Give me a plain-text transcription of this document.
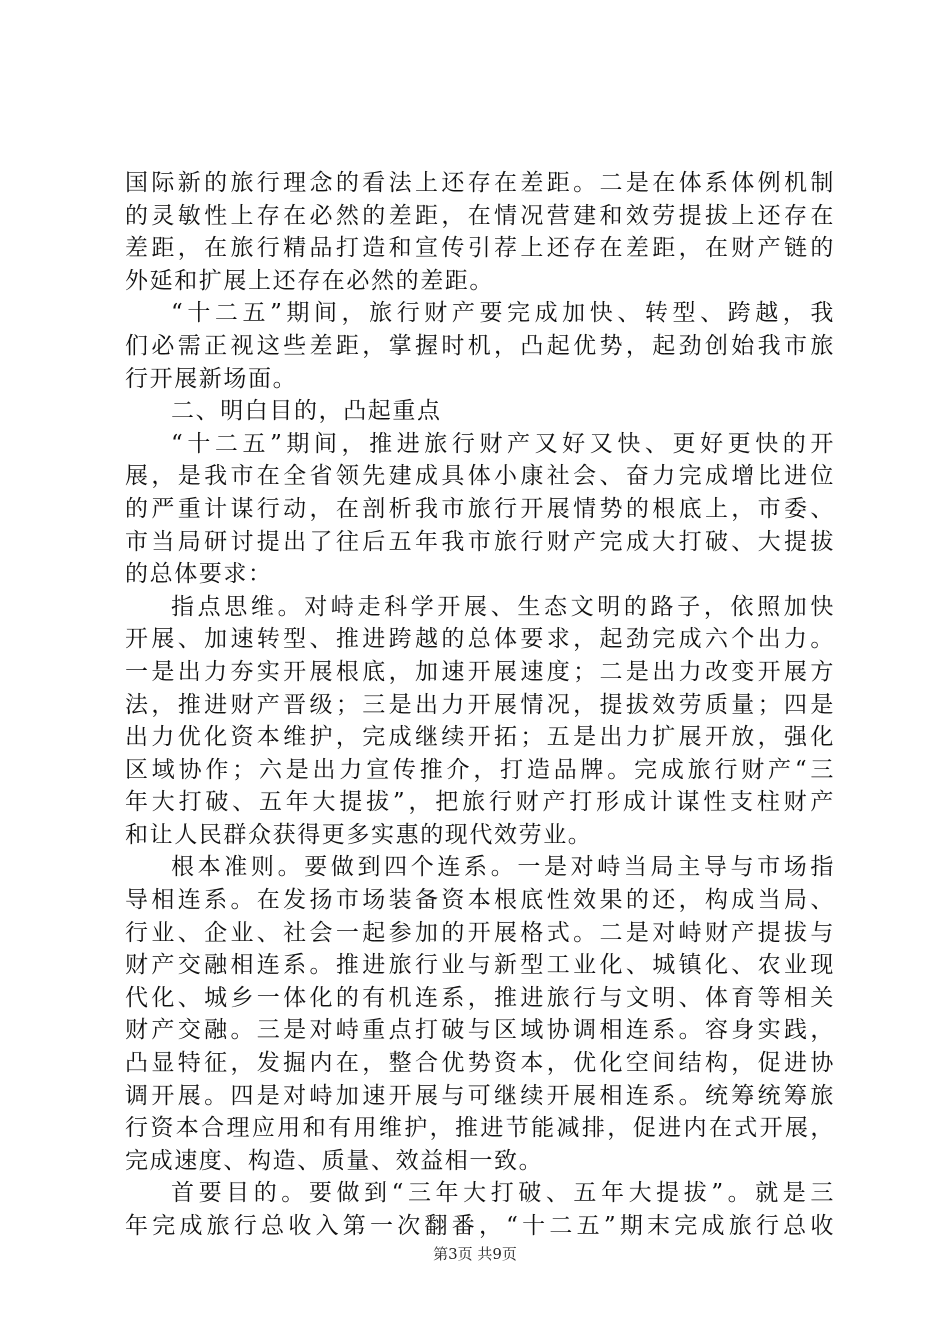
国际新的旅行理念的看法上还存在差距。二是在体系体例机制
的灵敏性上存在必然的差距，在情况营建和效劳提拔上还存在
差距，在旅行精品打造和宣传引荐上还存在差距，在财产链的
外延和扩展上还存在必然的差距。
“十二五”期间，旅行财产要完成加快、转型、跨越，我
们必需正视这些差距，掌握时机，凸起优势，起劲创始我市旅
行开展新场面。
二、明白目的，凸起重点
“十二五”期间，推进旅行财产又好又快、更好更快的开
展，是我市在全省领先建成具体小康社会、奋力完成增比进位
的严重计谋行动，在剖析我市旅行开展情势的根底上，市委、
市当局研讨提出了往后五年我市旅行财产完成大打破、大提拔
的总体要求：
指点思维。对峙走科学开展、生态文明的路子，依照加快
开展、加速转型、推进跨越的总体要求，起劲完成六个出力。
一是出力夯实开展根底，加速开展速度；二是出力改变开展方
法，推进财产晋级；三是出力开展情况，提拔效劳质量；四是
出力优化资本维护，完成继续开拓；五是出力扩展开放，强化
区域协作；六是出力宣传推介，打造品牌。完成旅行财产“三
年大打破、五年大提拔”，把旅行财产打形成计谋性支柱财产
和让人民群众获得更多实惠的现代效劳业。
根本准则。要做到四个连系。一是对峙当局主导与市场指
导相连系。在发扬市场装备资本根底性效果的还，构成当局、
行业、企业、社会一起参加的开展格式。二是对峙财产提拔与
财产交融相连系。推进旅行业与新型工业化、城镇化、农业现
代化、城乡一体化的有机连系，推进旅行与文明、体育等相关
财产交融。三是对峙重点打破与区域协调相连系。容身实践，
凸显特征，发掘内在，整合优势资本，优化空间结构，促进协
调开展。四是对峙加速开展与可继续开展相连系。统筹统筹旅
行资本合理应用和有用维护，推进节能减排，促进内在式开展，
完成速度、构造、质量、效益相一致。
首要目的。要做到“三年大打破、五年大提拔”。就是三
年完成旅行总收入第一次翻番，“十二五”期末完成旅行总收
第3页 共9页
